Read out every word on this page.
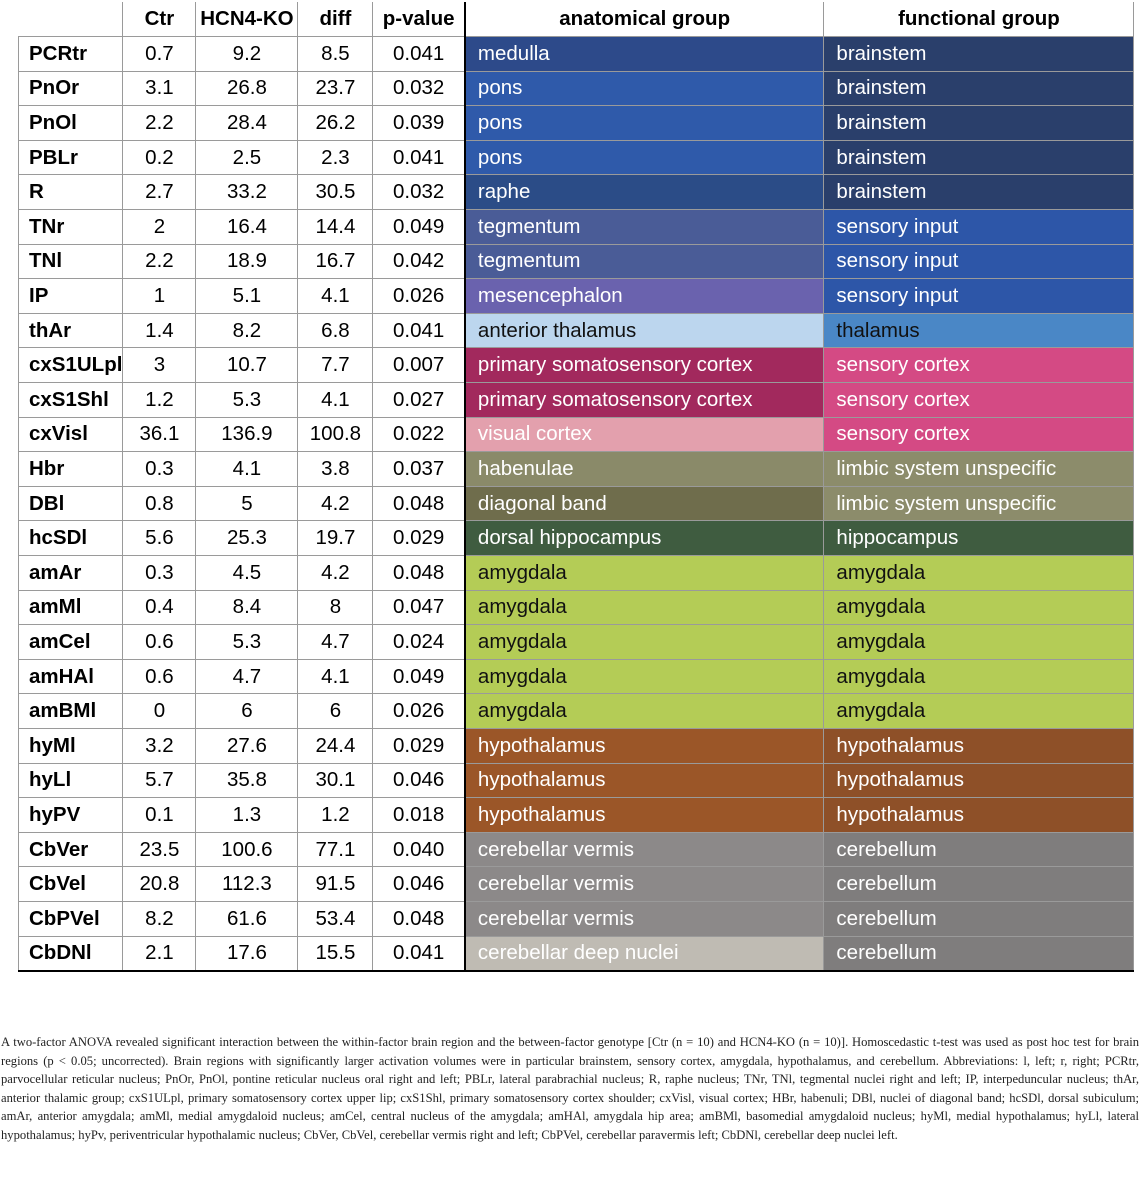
	Ctr	HCN4-KO	diff	p-value	anatomical group	functional group
PCRtr	0.7	9.2	8.5	0.041	medulla	brainstem
PnOr	3.1	26.8	23.7	0.032	pons	brainstem
PnOl	2.2	28.4	26.2	0.039	pons	brainstem
PBLr	0.2	2.5	2.3	0.041	pons	brainstem
R	2.7	33.2	30.5	0.032	raphe	brainstem
TNr	2	16.4	14.4	0.049	tegmentum	sensory input
TNl	2.2	18.9	16.7	0.042	tegmentum	sensory input
IP	1	5.1	4.1	0.026	mesencephalon	sensory input
thAr	1.4	8.2	6.8	0.041	anterior thalamus	thalamus
cxS1ULpl	3	10.7	7.7	0.007	primary somatosensory cortex	sensory cortex
cxS1Shl	1.2	5.3	4.1	0.027	primary somatosensory cortex	sensory cortex
cxVisl	36.1	136.9	100.8	0.022	visual cortex	sensory cortex
Hbr	0.3	4.1	3.8	0.037	habenulae	limbic system unspecific
DBl	0.8	5	4.2	0.048	diagonal band	limbic system unspecific
hcSDl	5.6	25.3	19.7	0.029	dorsal hippocampus	hippocampus
amAr	0.3	4.5	4.2	0.048	amygdala	amygdala
amMl	0.4	8.4	8	0.047	amygdala	amygdala
amCel	0.6	5.3	4.7	0.024	amygdala	amygdala
amHAl	0.6	4.7	4.1	0.049	amygdala	amygdala
amBMl	0	6	6	0.026	amygdala	amygdala
hyMl	3.2	27.6	24.4	0.029	hypothalamus	hypothalamus
hyLl	5.7	35.8	30.1	0.046	hypothalamus	hypothalamus
hyPV	0.1	1.3	1.2	0.018	hypothalamus	hypothalamus
CbVer	23.5	100.6	77.1	0.040	cerebellar vermis	cerebellum
CbVel	20.8	112.3	91.5	0.046	cerebellar vermis	cerebellum
CbPVel	8.2	61.6	53.4	0.048	cerebellar vermis	cerebellum
CbDNl	2.1	17.6	15.5	0.041	cerebellar deep nuclei	cerebellum
A two-factor ANOVA revealed significant interaction between the within-factor brain region and the between-factor genotype [Ctr (n = 10) and HCN4-KO (n = 10)]. Homoscedastic t-test was used as post hoc test for brain regions (p < 0.05; uncorrected). Brain regions with significantly larger activation volumes were in particular brainstem, sensory cortex, amygdala, hypothalamus, and cerebellum. Abbreviations: l, left; r, right; PCRtr, parvocellular reticular nucleus; PnOr, PnOl, pontine reticular nucleus oral right and left; PBLr, lateral parabrachial nucleus; R, raphe nucleus; TNr, TNl, tegmental nuclei right and left; IP, interpeduncular nucleus; thAr, anterior thalamic group; cxS1ULpl, primary somatosensory cortex upper lip; cxS1Shl, primary somatosensory cortex shoulder; cxVisl, visual cortex; HBr, habenuli; DBl, nuclei of diagonal band; hcSDl, dorsal subiculum; amAr, anterior amygdala; amMl, medial amygdaloid nucleus; amCel, central nucleus of the amygdala; amHAl, amygdala hip area; amBMl, basomedial amygdaloid nucleus; hyMl, medial hypothalamus; hyLl, lateral hypothalamus; hyPv, periventricular hypothalamic nucleus; CbVer, CbVel, cerebellar vermis right and left; CbPVel, cerebellar paravermis left; CbDNl, cerebellar deep nuclei left.
